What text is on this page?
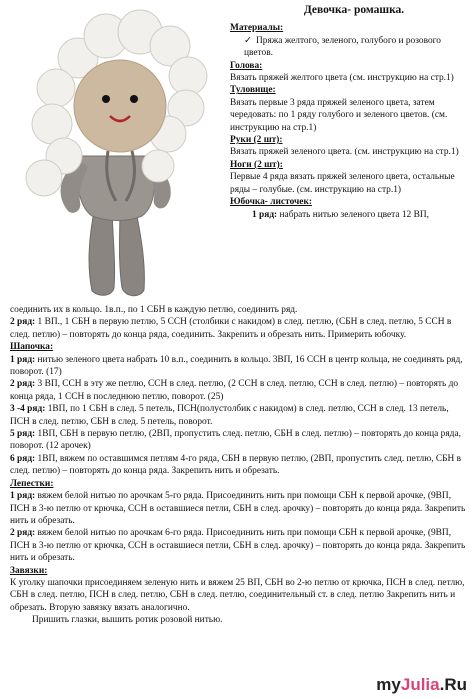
Девочка- ромашка.
Материалы:
✓ Пряжа желтого, зеленого, голубого и розового цветов.
Голова:
Вязать пряжей желтого цвета (см. инструкцию на стр.1)
Туловище:
Вязать первые 3 ряда пряжей зеленого цвета, затем чередовать: по 1 ряду голубого и зеленого цветов. (см. инструкцию на стр.1)
Руки (2 шт):
Вязать пряжей зеленого цвета. (см. инструкцию на стр.1)
Ноги (2 шт):
Первые 4 ряда вязать пряжей зеленого цвета, остальные ряды – голубые. (см. инструкцию на стр.1)
Юбочка- листочек:
1 ряд: набрать нитью зеленого цвета 12 ВП,

соединить их в кольцо. 1в.п., по 1 СБН в каждую петлю, соединить ряд.

2 ряд: 1 ВП., 1 СБН в первую петлю, 5 ССН (столбики с накидом) в след. петлю, (СБН в след. петлю, 5 ССН в след. петлю) – повторять до конца ряда, соединить. Закрепить и обрезать нить. Примерить юбочку.

Шапочка:

1 ряд: нитью зеленого цвета набрать 10 в.п., соединить в кольцо. 3ВП, 16 ССН в центр кольца, не соединять ряд, поворот. (17)

2 ряд: 3 ВП, ССН в эту же петлю, ССН в след. петлю, (2 ССН в след. петлю, ССН в след. петлю) – повторять до конца ряда, 1 ССН в последнюю петлю, поворот. (25)

3 -4 ряд: 1ВП, по 1 СБН в след. 5 петель, ПСН(полустолбик с накидом) в след. петлю, ССН в след. 13 петель, ПСН в след. петлю, СБН в след. 5 петель, поворот.

5 ряд: 1ВП, СБН в первую петлю, (2ВП, пропустить след. петлю, СБН в след. петлю) – повторять до конца ряда, поворот. (12 арочек)

6 ряд: 1ВП, вяжем по оставшимся петлям 4-го ряда, СБН в первую петлю, (2ВП, пропустить след. петлю, СБН в след. петлю) – повторять до конца ряда. Закрепить нить и обрезать.

Лепестки:

1 ряд: вяжем белой нитью по арочкам 5-го ряда. Присоединить нить при помощи СБН к первой арочке, (9ВП, ПСН в 3-ю петлю от крючка, ССН в оставшиеся петли, СБН в след. арочку) – повторять до конца ряда. Закрепить нить и обрезать.

2 ряд: вяжем белой нитью по арочкам 6-го ряда. Присоединить нить при помощи СБН к первой арочке, (9ВП, ПСН в 3-ю петлю от крючка, ССН в оставшиеся петли, СБН в след. арочку) – повторять до конца ряда. Закрепить нить и обрезать.

Завязки:

К уголку шапочки присоединяем зеленую нить и вяжем 25 ВП, СБН во 2-ю петлю от крючка, ПСН в след. петлю, СБН в след. петлю, ПСН в след. петлю, СБН в след. петлю, соединительный ст. в след. петлю Закрепить нить и обрезать. Вторую завязку вязать аналогично.

Пришить глазки, вышить ротик розовой нитью.

myJulia.Ru
